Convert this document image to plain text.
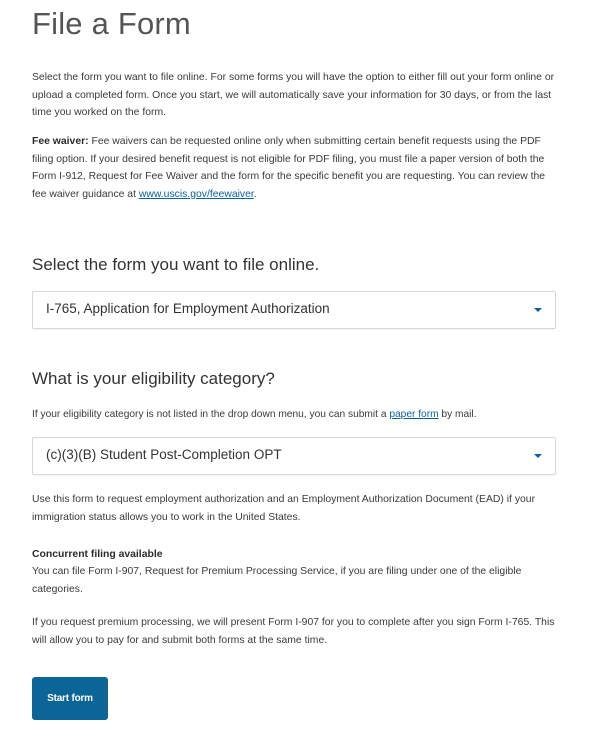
File a Form

Select the form you want to file online. For some forms you will have the option to either fill out your form online or upload a completed form. Once you start, we will automatically save your information for 30 days, or from the last time you worked on the form.

Fee waiver: Fee waivers can be requested online only when submitting certain benefit requests using the PDF filing option. If your desired benefit request is not eligible for PDF filing, you must file a paper version of both the Form I-912, Request for Fee Waiver and the form for the specific benefit you are requesting. You can review the fee waiver guidance at www.uscis.gov/feewaiver.

Select the form you want to file online.
I-765, Application for Employment Authorization
What is your eligibility category?

If your eligibility category is not listed in the drop down menu, you can submit a paper form by mail.

(c)(3)(B) Student Post-Completion OPT

Use this form to request employment authorization and an Employment Authorization Document (EAD) if your immigration status allows you to work in the United States.

Concurrent filing available

You can file Form I-907, Request for Premium Processing Service, if you are filing under one of the eligible categories.

If you request premium processing, we will present Form I-907 for you to complete after you sign Form I-765. This will allow you to pay for and submit both forms at the same time.

Start form
